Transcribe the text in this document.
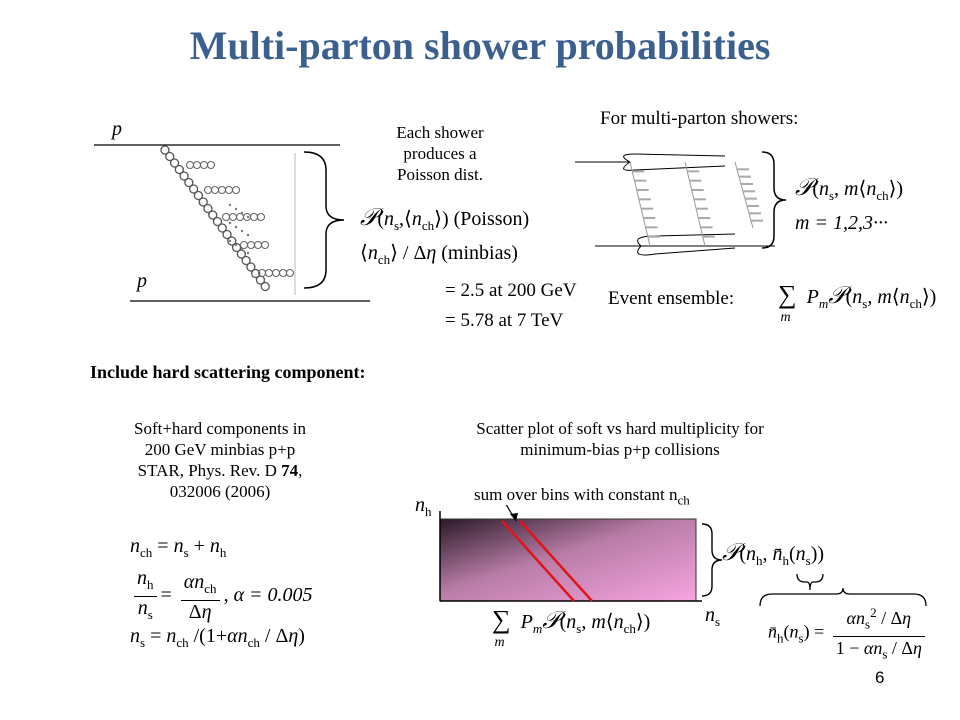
Multi-parton shower probabilities
p
p
Each shower
produces a
Poisson dist.
$𝒫(n_s,⟨n_{ch}⟩)$ (Poisson)
$⟨n_{ch}⟩$ / Δη (minbias)
= 2.5 at 200 GeV
= 5.78 at 7 TeV
For multi-parton showers:
$𝒫(n_s$, $m⟨n_{ch}⟩$)
m = 1,2,3···
Event ensemble: $\sum_mP_m𝒫(n_s$, $m⟨n_{ch}⟩$)
Include hard scattering component:
Soft+hard components in
200 GeV minbias p+p
STAR, Phys. Rev. D 74,
032006 (2006)
$n_{ch} = n_s + n_h$
$\frac{n_h}{n_s} = \frac{\alpha n_{ch}}{\Delta\eta}$ , α = 0.005
$n_s = n_{ch}$ $/(1+\alpha n_{ch} / \Delta\eta)$
Scatter plot of soft vs hard multiplicity for
minimum-bias p+p collisions
sum over bins with constant $n_{ch}$
$n_h$
$n_s$
$\sum_mP_m𝒫(n_s$, $m⟨n_{ch}⟩$)
$𝒫(n_h$, $n̄_h(n_s)$)
$n̄_h(n_s) = \frac{\alpha n_s^2 / \Delta\eta}{1 - \alpha n_s / \Delta\eta}$
6
